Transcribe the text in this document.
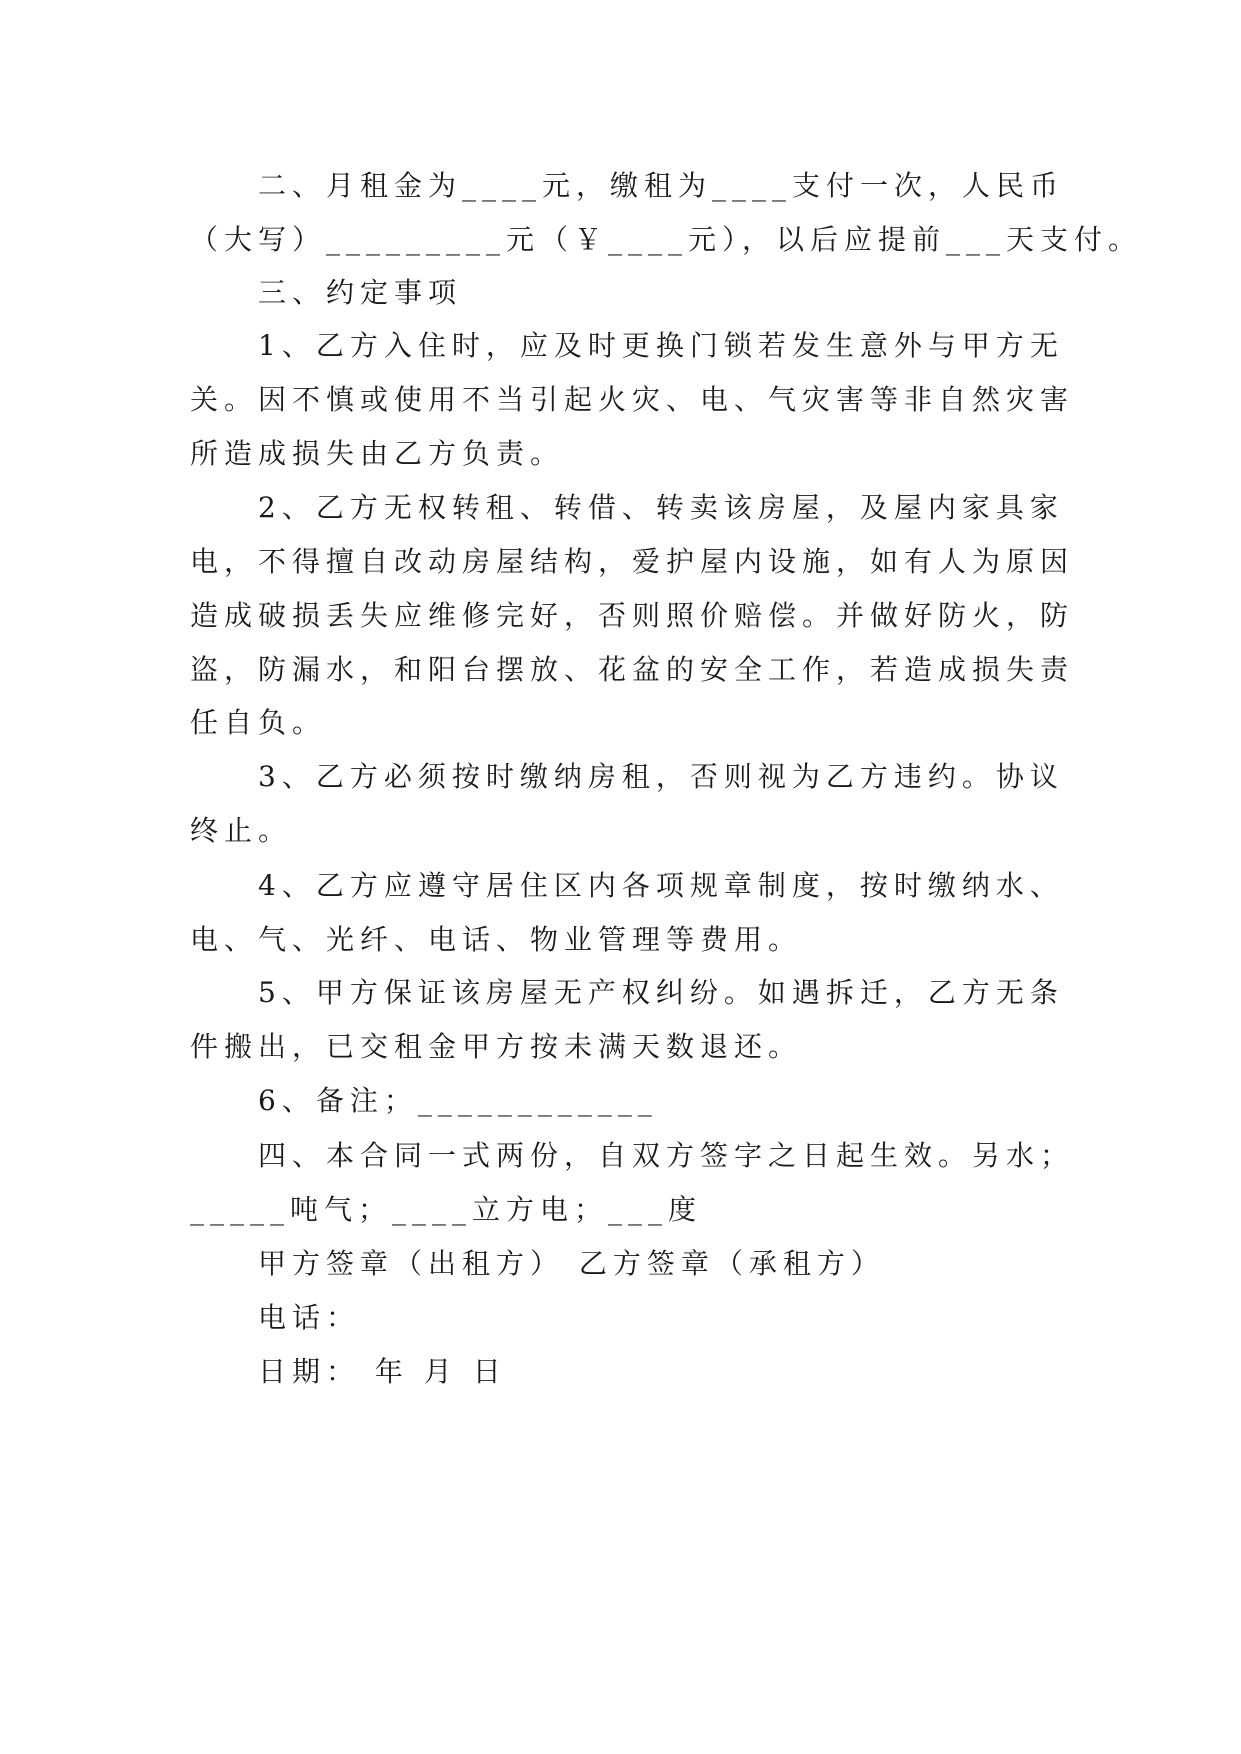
二、月租金为____元，缴租为____支付一次，人民币
（大写）_________元（￥____元），以后应提前___天支付。
三、约定事项
1、乙方入住时，应及时更换门锁若发生意外与甲方无
关。因不慎或使用不当引起火灾、电、气灾害等非自然灾害
所造成损失由乙方负责。
2、乙方无权转租、转借、转卖该房屋，及屋内家具家
电，不得擅自改动房屋结构，爱护屋内设施，如有人为原因
造成破损丢失应维修完好，否则照价赔偿。并做好防火，防
盗，防漏水，和阳台摆放、花盆的安全工作，若造成损失责
任自负。
3、乙方必须按时缴纳房租，否则视为乙方违约。协议
终止。
4、乙方应遵守居住区内各项规章制度，按时缴纳水、
电、气、光纤、电话、物业管理等费用。
5、甲方保证该房屋无产权纠纷。如遇拆迁，乙方无条
件搬出，已交租金甲方按未满天数退还。
6、备注；____________
四、本合同一式两份，自双方签字之日起生效。另水；
_____吨气；____立方电；___度
甲方签章（出租方） 乙方签章（承租方）
电话：
日期： 年 月 日
